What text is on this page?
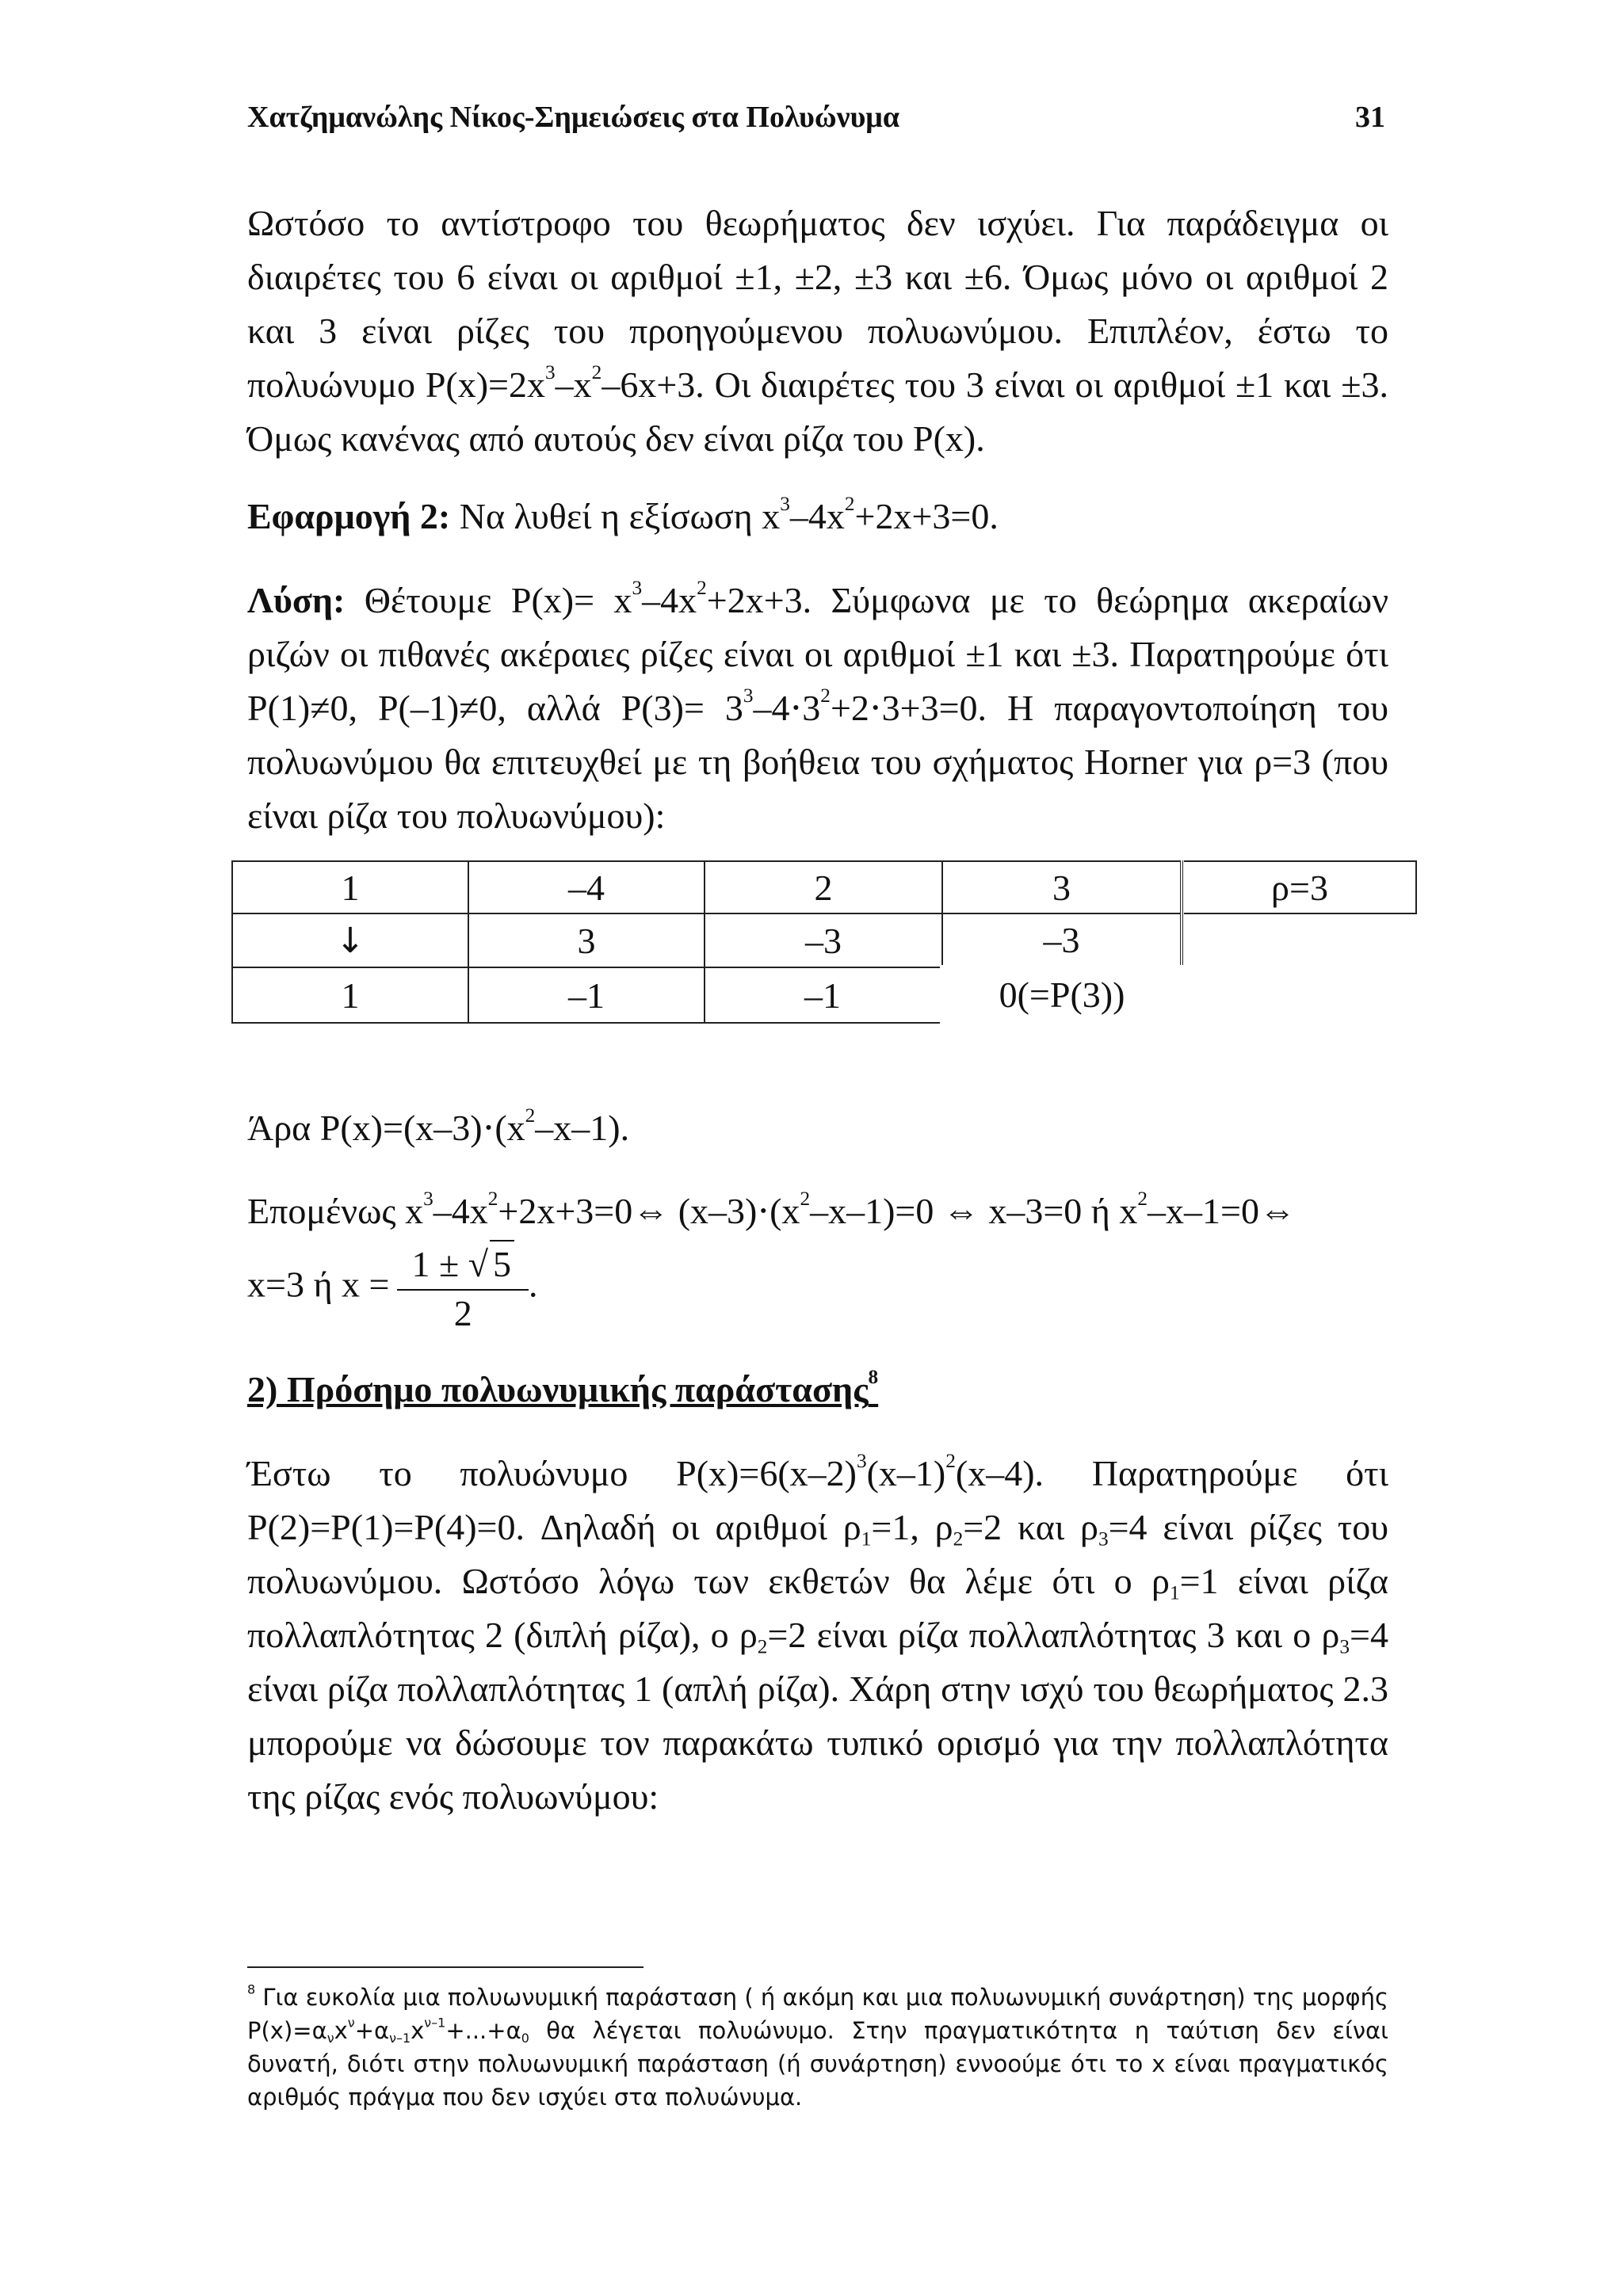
Χατζημανώλης Νίκος-Σημειώσεις στα Πολυώνυμα	31

Ωστόσο το αντίστροφο του θεωρήματος δεν ισχύει. Για παράδειγμα οι διαιρέτες του 6 είναι οι αριθμοί ±1, ±2, ±3 και ±6. Όμως μόνο οι αριθμοί 2 και 3 είναι ρίζες του προηγούμενου πολυωνύμου. Επιπλέον, έστω το πολυώνυμο $P(x)=2x^3-x^2-6x+3$. Οι διαιρέτες του 3 είναι οι αριθμοί ±1 και ±3. Όμως κανένας από αυτούς δεν είναι ρίζα του P(x).

Εφαρμογή 2: Να λυθεί η εξίσωση $x^3-4x^2+2x+3=0$.

Λύση: Θέτουμε $P(x)= x^3-4x^2+2x+3$. Σύμφωνα με το θεώρημα ακεραίων ριζών οι πιθανές ακέραιες ρίζες είναι οι αριθμοί ±1 και ±3. Παρατηρούμε ότι P(1)≠0, P(–1)≠0, αλλά $P(3)= 3^3-4\cdot 3^2+2\cdot 3+3=0$. Η παραγοντοποίηση του πολυωνύμου θα επιτευχθεί με τη βοήθεια του σχήματος Horner για ρ=3 (που είναι ρίζα του πολυωνύμου):

1	–4	2	3		ρ=3
↓	3	–3	–3		
1	–1	–1	0(=P(3))		

Άρα $P(x)=(x-3)\cdot(x^2-x-1)$.

Επομένως $x^3-4x^2+2x+3=0\Leftrightarrow$ $(x-3)\cdot(x^2-x-1)=0$ ⇔ x–3=0 ή $x^2-x-1=0\Leftrightarrow$

x=3 ή $x = \frac{1 \pm √ 5}{2}$ .
2) Πρόσημο πολυωνυμικής παράστασης$^8$

Έστω το πολυώνυμο $P(x)=6(x-2)^3(x-1)^2(x-4)$. Παρατηρούμε ότι P(2)=P(1)=P(4)=0. Δηλαδή οι αριθμοί $\rho_1=1$, $\rho_2=2$ και $\rho_3=4$ είναι ρίζες του πολυωνύμου. Ωστόσο λόγω των εκθετών θα λέμε ότι ο $\rho_1=1$ είναι ρίζα πολλαπλότητας 2 (διπλή ρίζα), ο $\rho_2=2$ είναι ρίζα πολλαπλότητας 3 και ο $\rho_3=4$ είναι ρίζα πολλαπλότητας 1 (απλή ρίζα). Χάρη στην ισχύ του θεωρήματος 2.3 μπορούμε να δώσουμε τον παρακάτω τυπικό ορισμό για την πολλαπλότητα της ρίζας ενός πολυωνύμου:

$^8$ Για ευκολία μια πολυωνυμική παράσταση ( ή ακόμη και μια πολυωνυμική συνάρτηση) της μορφής $P(x)=\alpha_\nu x^\nu+\alpha_{\nu-1}x^{\nu-1}+...+\alpha_0$ θα λέγεται πολυώνυμο. Στην πραγματικότητα η ταύτιση δεν είναι δυνατή, διότι στην πολυωνυμική παράσταση (ή συνάρτηση) εννοούμε ότι το x είναι πραγματικός αριθμός πράγμα που δεν ισχύει στα πολυώνυμα.
